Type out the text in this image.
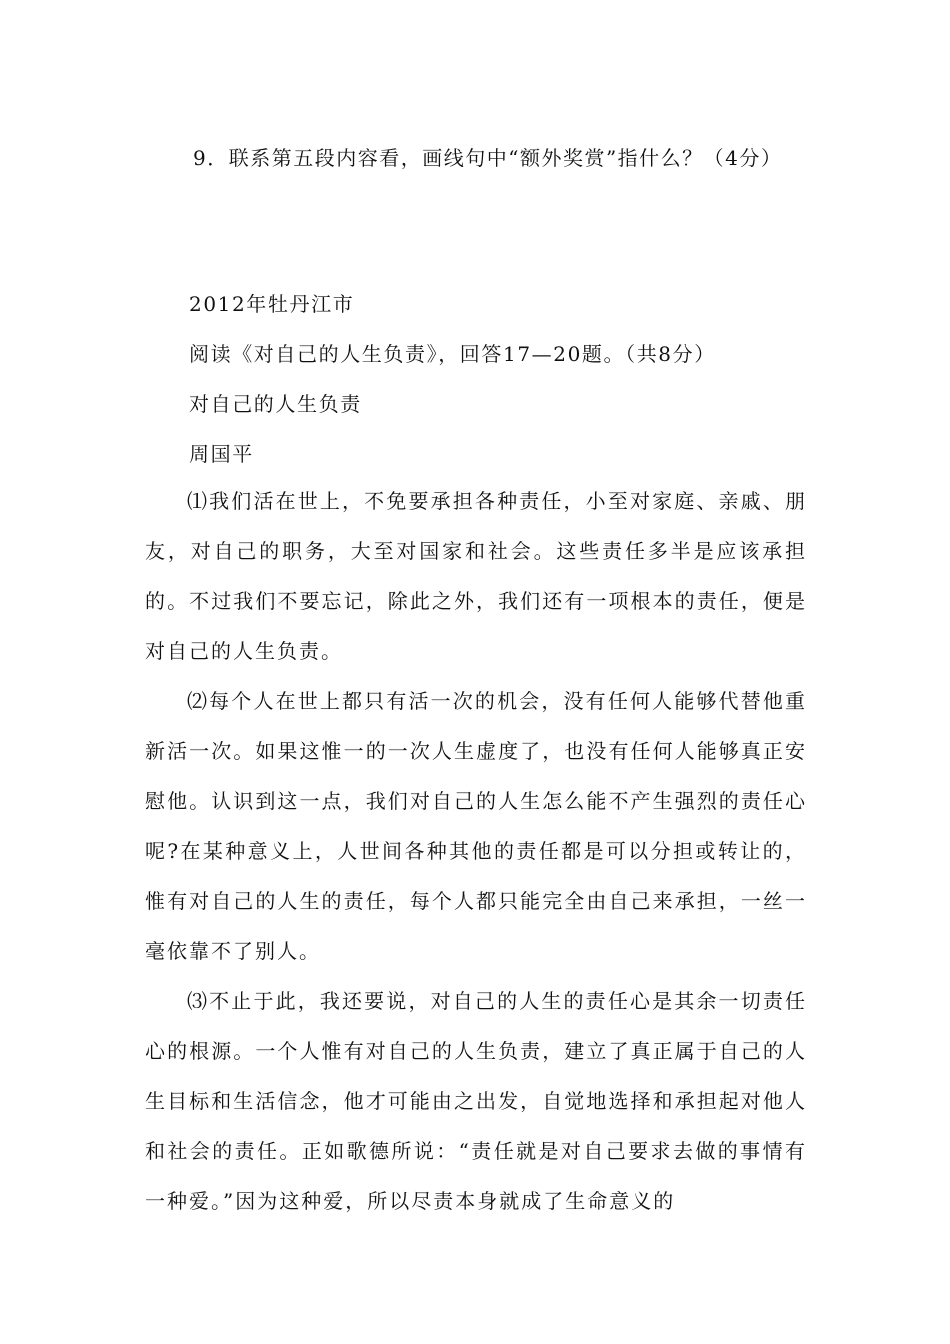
9．联系第五段内容看，画线句中“额外奖赏”指什么？（4分）
2012年牡丹江市
阅读《对自己的人生负责》，回答17—20题。（共8分）
对自己的人生负责
周国平
⑴我们活在世上，不免要承担各种责任，小至对家庭、亲戚、朋友，对自己的职务，大至对国家和社会。这些责任多半是应该承担的。不过我们不要忘记，除此之外，我们还有一项根本的责任，便是对自己的人生负责。
⑵每个人在世上都只有活一次的机会，没有任何人能够代替他重新活一次。如果这惟一的一次人生虚度了，也没有任何人能够真正安慰他。认识到这一点，我们对自己的人生怎么能不产生强烈的责任心呢?在某种意义上，人世间各种其他的责任都是可以分担或转让的，惟有对自己的人生的责任，每个人都只能完全由自己来承担，一丝一毫依靠不了别人。
⑶不止于此，我还要说，对自己的人生的责任心是其余一切责任心的根源。一个人惟有对自己的人生负责，建立了真正属于自己的人生目标和生活信念，他才可能由之出发，自觉地选择和承担起对他人和社会的责任。正如歌德所说：“责任就是对自己要求去做的事情有一种爱。”因为这种爱，所以尽责本身就成了生命意义的
